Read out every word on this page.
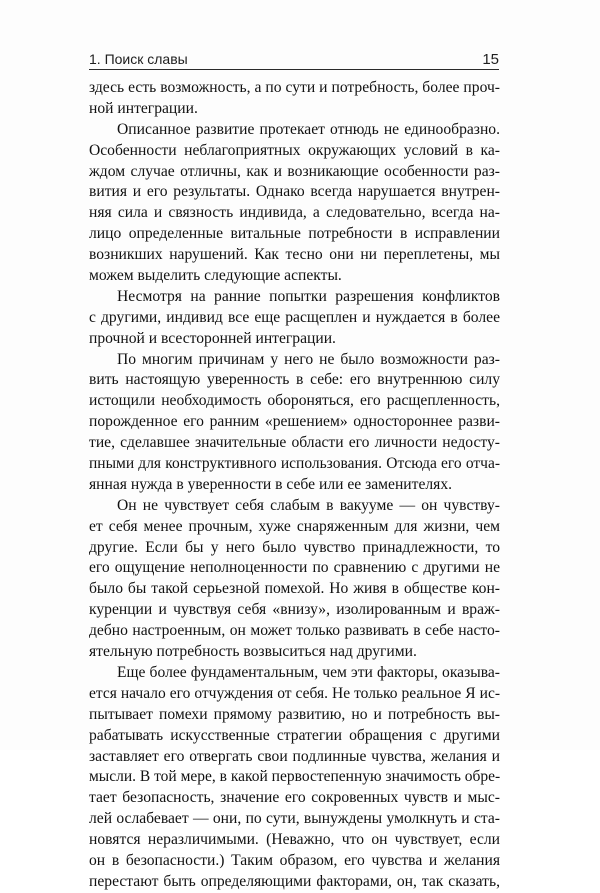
1. Поиск славы	15
здесь есть возможность, а по сути и потребность, более проч-
ной интеграции.
Описанное развитие протекает отнюдь не единообразно.
Особенности неблагоприятных окружающих условий в ка-
ждом случае отличны, как и возникающие особенности раз-
вития и его результаты. Однако всегда нарушается внутрен-
няя сила и связность индивида, а следовательно, всегда на-
лицо определенные витальные потребности в исправлении
возникших нарушений. Как тесно они ни переплетены, мы
можем выделить следующие аспекты.
Несмотря на ранние попытки разрешения конфликтов
с другими, индивид все еще расщеплен и нуждается в более
прочной и всесторонней интеграции.
По многим причинам у него не было возможности раз-
вить настоящую уверенность в себе: его внутреннюю силу
истощили необходимость обороняться, его расщепленность,
порожденное его ранним «решением» одностороннее разви-
тие, сделавшее значительные области его личности недосту-
пными для конструктивного использования. Отсюда его отча-
янная нужда в уверенности в себе или ее заменителях.
Он не чувствует себя слабым в вакууме — он чувству-
ет себя менее прочным, хуже снаряженным для жизни, чем
другие. Если бы у него было чувство принадлежности, то
его ощущение неполноценности по сравнению с другими не
было бы такой серьезной помехой. Но живя в обществе кон-
куренции и чувствуя себя «внизу», изолированным и враж-
дебно настроенным, он может только развивать в себе насто-
ятельную потребность возвыситься над другими.
Еще более фундаментальным, чем эти факторы, оказыва-
ется начало его отчуждения от себя. Не только реальное Я ис-
пытывает помехи прямому развитию, но и потребность вы-
рабатывать искусственные стратегии обращения с другими
заставляет его отвергать свои подлинные чувства, желания и
мысли. В той мере, в какой первостепенную значимость обре-
тает безопасность, значение его сокровенных чувств и мыс-
лей ослабевает — они, по сути, вынуждены умолкнуть и ста-
новятся неразличимыми. (Неважно, что он чувствует, если
он в безопасности.) Таким образом, его чувства и желания
перестают быть определяющими факторами, он, так сказать,
